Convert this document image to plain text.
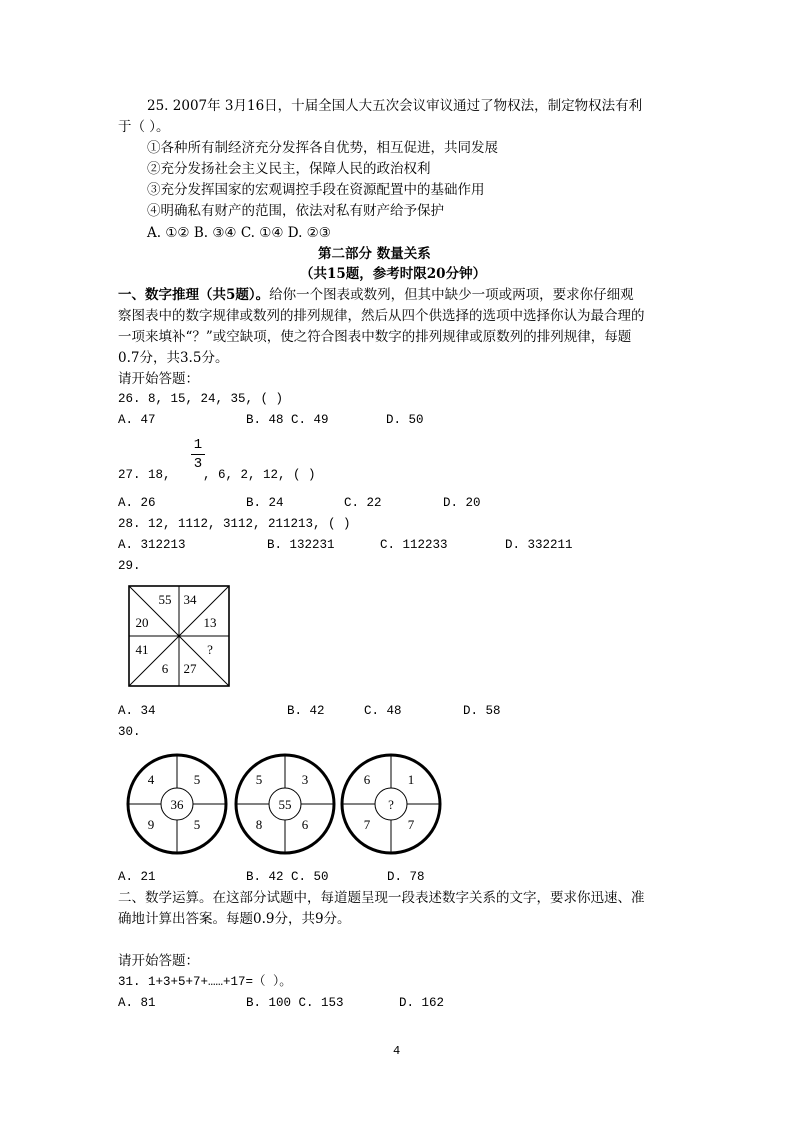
25. 2007年 3月16日，十届全国人大五次会议审议通过了物权法，制定物权法有利
于（ ）。
①各种所有制经济充分发挥各自优势，相互促进，共同发展
②充分发扬社会主义民主，保障人民的政治权利
③充分发挥国家的宏观调控手段在资源配置中的基础作用
④明确私有财产的范围，依法对私有财产给予保护
A. ①② B. ③④ C. ①④ D. ②③
第二部分 数量关系
（共15题，参考时限20分钟）
一、数字推理（共5题）。给你一个图表或数列，但其中缺少一项或两项，要求你仔细观
察图表中的数字规律或数列的排列规律，然后从四个供选择的选项中选择你认为最合理的
一项来填补“？”或空缺项，使之符合图表中数字的排列规律或原数列的排列规律，每题
0.7分，共3.5分。
请开始答题：
26. 8, 15, 24, 35, ( )
A. 47	B. 48 C. 49	D. 50
1
3
27. 18,	, 6, 2, 12, ( )
A. 26	B. 24	C. 22	D. 20
28. 12, 1112, 3112, 211213, ( )
A. 312213	B. 132231	C. 112233	D. 332211
29.
55 34
20	13
41	?
6 27
A. 34	B. 42	C. 48	D. 58
30.
4	5
9	5
36
5	3
8	6
55
6	1
7	7
?
A. 21	B. 42 C. 50	D. 78
二、数学运算。在这部分试题中，每道题呈现一段表述数字关系的文字，要求你迅速、准
确地计算出答案。每题0.9分，共9分。
请开始答题：
31. 1+3+5+7+……+17=（ ）。
A. 81	B. 100 C. 153	D. 162
4
